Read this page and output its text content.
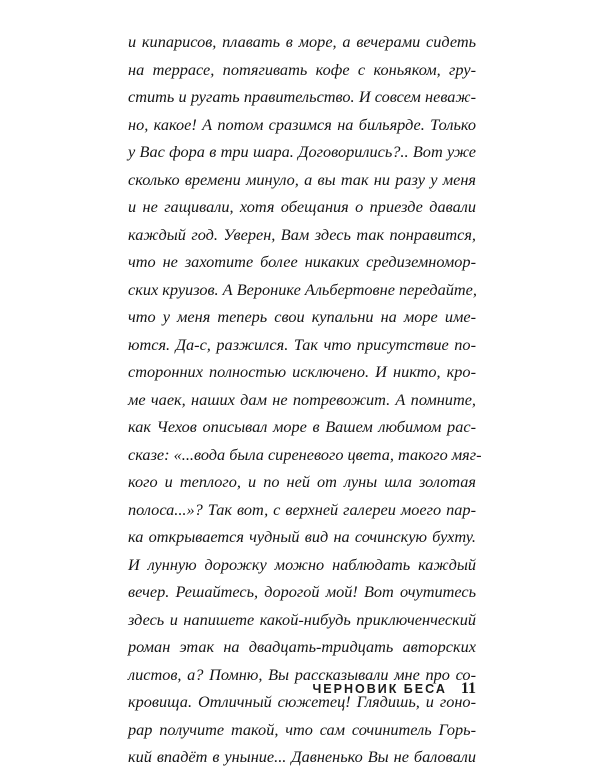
и кипарисов, плавать в море, а вечерами сидеть
на террасе, потягивать кофе с коньяком, гру-
стить и ругать правительство. И совсем неваж-
но, какое! А потом сразимся на бильярде. Только
у Вас фора в три шара. Договорились?.. Вот уже
сколько времени минуло, а вы так ни разу у меня
и не гащивали, хотя обещания о приезде давали
каждый год. Уверен, Вам здесь так понравится,
что не захотите более никаких средиземномор-
ских круизов. А Веронике Альбертовне передайте,
что у меня теперь свои купальни на море име-
ются. Да-с, разжился. Так что присутствие по-
сторонних полностью исключено. И никто, кро-
ме чаек, наших дам не потревожит. А помните,
как Чехов описывал море в Вашем любимом рас-
сказе: «...вода была сиреневого цвета, такого мяг-
кого и теплого, и по ней от луны шла золотая
полоса...»? Так вот, с верхней галереи моего пар-
ка открывается чудный вид на сочинскую бухту.
И лунную дорожку можно наблюдать каждый
вечер. Решайтесь, дорогой мой! Вот очутитесь
здесь и напишете какой-нибудь приключенческий
роман этак на двадцать-тридцать авторских
листов, а? Помню, Вы рассказывали мне про со-
кровища. Отличный сюжетец! Глядишь, и гоно-
рар получите такой, что сам сочинитель Горь-
кий впадёт в уныние... Давненько Вы не баловали
ЧЕРНОВИК БЕСА 11
